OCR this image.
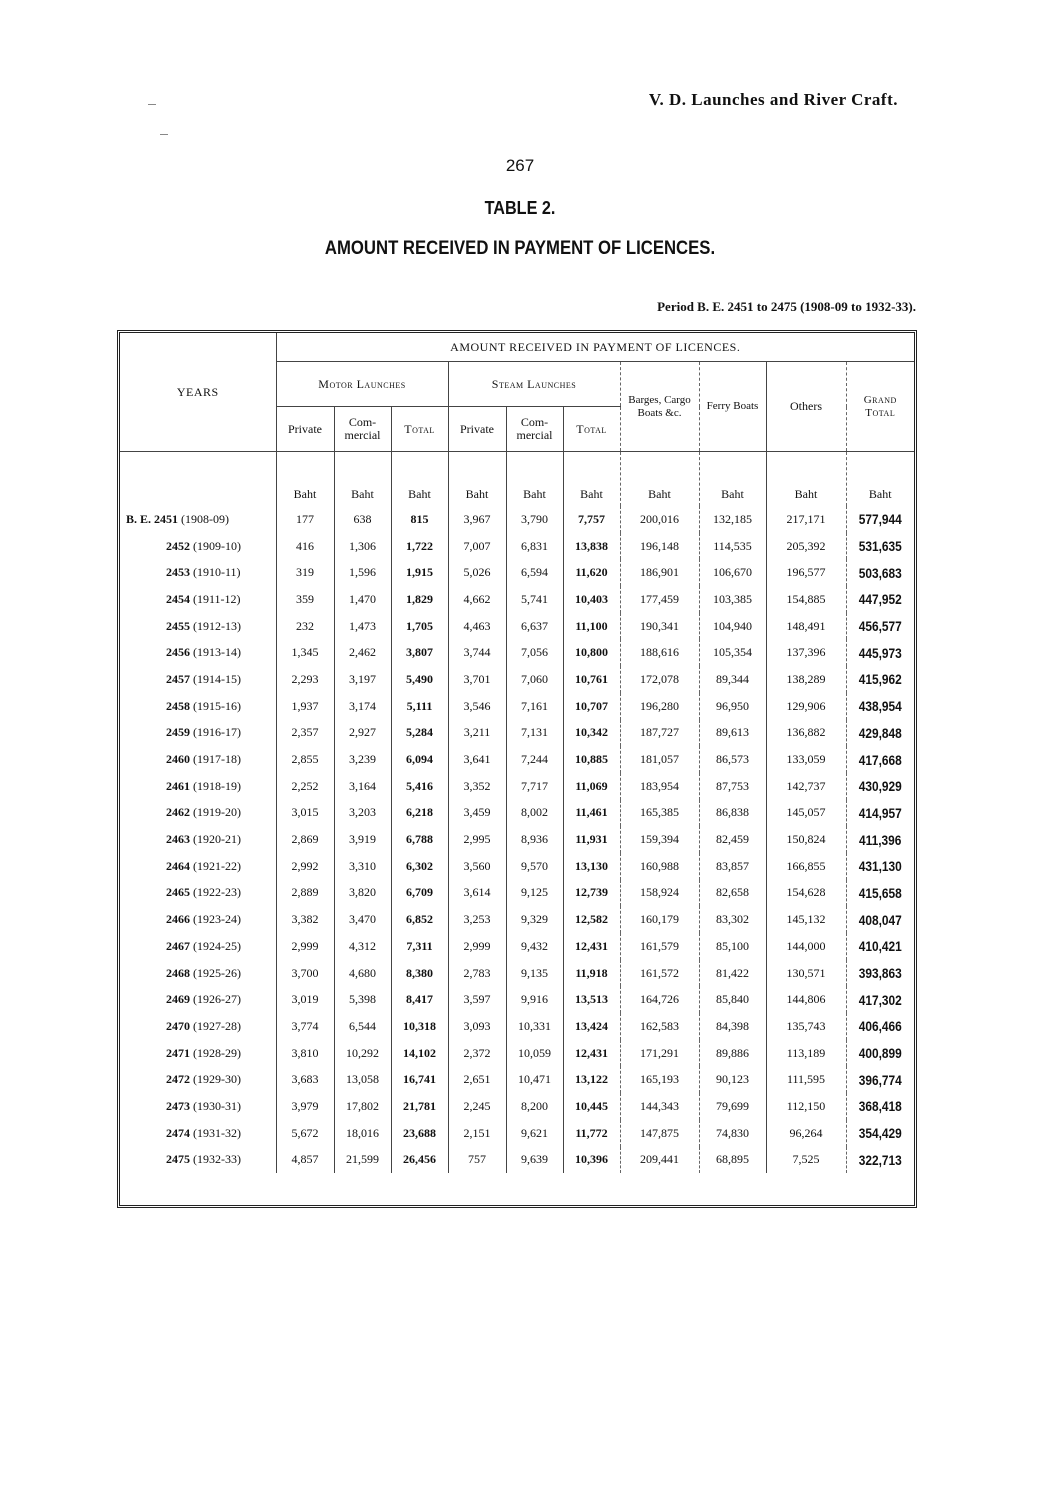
V. D. Launches and River Craft.
267
TABLE 2.
AMOUNT RECEIVED IN PAYMENT OF LICENCES.
Period B. E. 2451 to 2475 (1908-09 to 1932-33).
YEARS	AMOUNT RECEIVED IN PAYMENT OF LICENCES.									
	Motor Launches			Steam Launches			Barges, Cargo Boats &c.	Ferry Boats	Others	Grand Total
	Private	Com-mercial	Total	Private	Com-mercial	Total				
	Baht	Baht	Baht	Baht	Baht	Baht	Baht	Baht	Baht	Baht
B. E. 2451 (1908-09)	177	638	815	3,967	3,790	7,757	200,016	132,185	217,171	577,944
2452 (1909-10)	416	1,306	1,722	7,007	6,831	13,838	196,148	114,535	205,392	531,635
2453 (1910-11)	319	1,596	1,915	5,026	6,594	11,620	186,901	106,670	196,577	503,683
2454 (1911-12)	359	1,470	1,829	4,662	5,741	10,403	177,459	103,385	154,885	447,952
2455 (1912-13)	232	1,473	1,705	4,463	6,637	11,100	190,341	104,940	148,491	456,577
2456 (1913-14)	1,345	2,462	3,807	3,744	7,056	10,800	188,616	105,354	137,396	445,973
2457 (1914-15)	2,293	3,197	5,490	3,701	7,060	10,761	172,078	89,344	138,289	415,962
2458 (1915-16)	1,937	3,174	5,111	3,546	7,161	10,707	196,280	96,950	129,906	438,954
2459 (1916-17)	2,357	2,927	5,284	3,211	7,131	10,342	187,727	89,613	136,882	429,848
2460 (1917-18)	2,855	3,239	6,094	3,641	7,244	10,885	181,057	86,573	133,059	417,668
2461 (1918-19)	2,252	3,164	5,416	3,352	7,717	11,069	183,954	87,753	142,737	430,929
2462 (1919-20)	3,015	3,203	6,218	3,459	8,002	11,461	165,385	86,838	145,057	414,957
2463 (1920-21)	2,869	3,919	6,788	2,995	8,936	11,931	159,394	82,459	150,824	411,396
2464 (1921-22)	2,992	3,310	6,302	3,560	9,570	13,130	160,988	83,857	166,855	431,130
2465 (1922-23)	2,889	3,820	6,709	3,614	9,125	12,739	158,924	82,658	154,628	415,658
2466 (1923-24)	3,382	3,470	6,852	3,253	9,329	12,582	160,179	83,302	145,132	408,047
2467 (1924-25)	2,999	4,312	7,311	2,999	9,432	12,431	161,579	85,100	144,000	410,421
2468 (1925-26)	3,700	4,680	8,380	2,783	9,135	11,918	161,572	81,422	130,571	393,863
2469 (1926-27)	3,019	5,398	8,417	3,597	9,916	13,513	164,726	85,840	144,806	417,302
2470 (1927-28)	3,774	6,544	10,318	3,093	10,331	13,424	162,583	84,398	135,743	406,466
2471 (1928-29)	3,810	10,292	14,102	2,372	10,059	12,431	171,291	89,886	113,189	400,899
2472 (1929-30)	3,683	13,058	16,741	2,651	10,471	13,122	165,193	90,123	111,595	396,774
2473 (1930-31)	3,979	17,802	21,781	2,245	8,200	10,445	144,343	79,699	112,150	368,418
2474 (1931-32)	5,672	18,016	23,688	2,151	9,621	11,772	147,875	74,830	96,264	354,429
2475 (1932-33)	4,857	21,599	26,456	757	9,639	10,396	209,441	68,895	7,525	322,713
